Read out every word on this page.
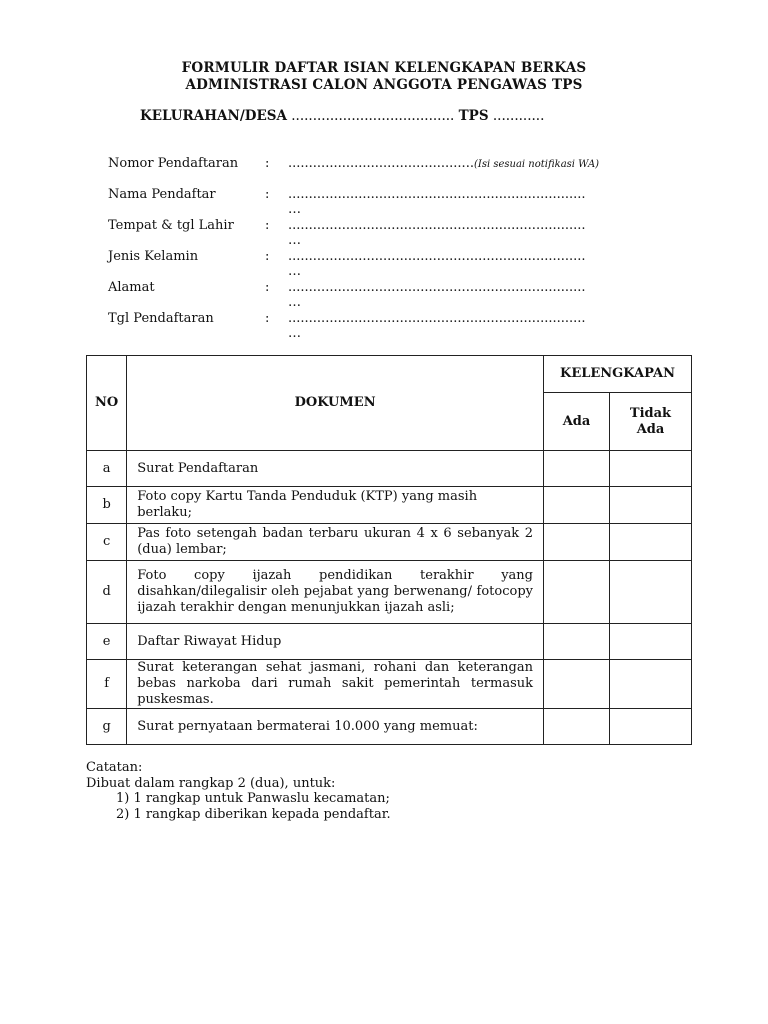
FORMULIR DAFTAR ISIAN KELENGKAPAN BERKAS
ADMINISTRASI CALON ANGGOTA PENGAWAS TPS
KELURAHAN/DESA ...................................... TPS ............
Nomor Pendaftaran	: .............................................(Isi sesuai notifikasi WA)
Nama Pendaftar	: ........................................................................
…
Tempat & tgl Lahir	: ........................................................................
…
Jenis Kelamin	: ........................................................................
…
Alamat	: ........................................................................
…
Tgl Pendaftaran	: ........................................................................
…
NO	DOKUMEN	KELENGKAPAN	
		Ada	Tidak Ada
a	Surat Pendaftaran		
b	Foto copy Kartu Tanda Penduduk (KTP) yang masih berlaku;		
c	Pas foto setengah badan terbaru ukuran 4 x 6 sebanyak 2 (dua) lembar;		
d	Foto copy ijazah pendidikan terakhir yang disahkan/dilegalisir oleh pejabat yang berwenang/ fotocopy ijazah terakhir dengan menunjukkan ijazah asli;		
e	Daftar Riwayat Hidup		
f	Surat keterangan sehat jasmani, rohani dan keterangan bebas narkoba dari rumah sakit pemerintah termasuk puskesmas.		
g	Surat pernyataan bermaterai 10.000 yang memuat:		
Catatan:
Dibuat dalam rangkap 2 (dua), untuk:
1) 1 rangkap untuk Panwaslu kecamatan;
2) 1 rangkap diberikan kepada pendaftar.
